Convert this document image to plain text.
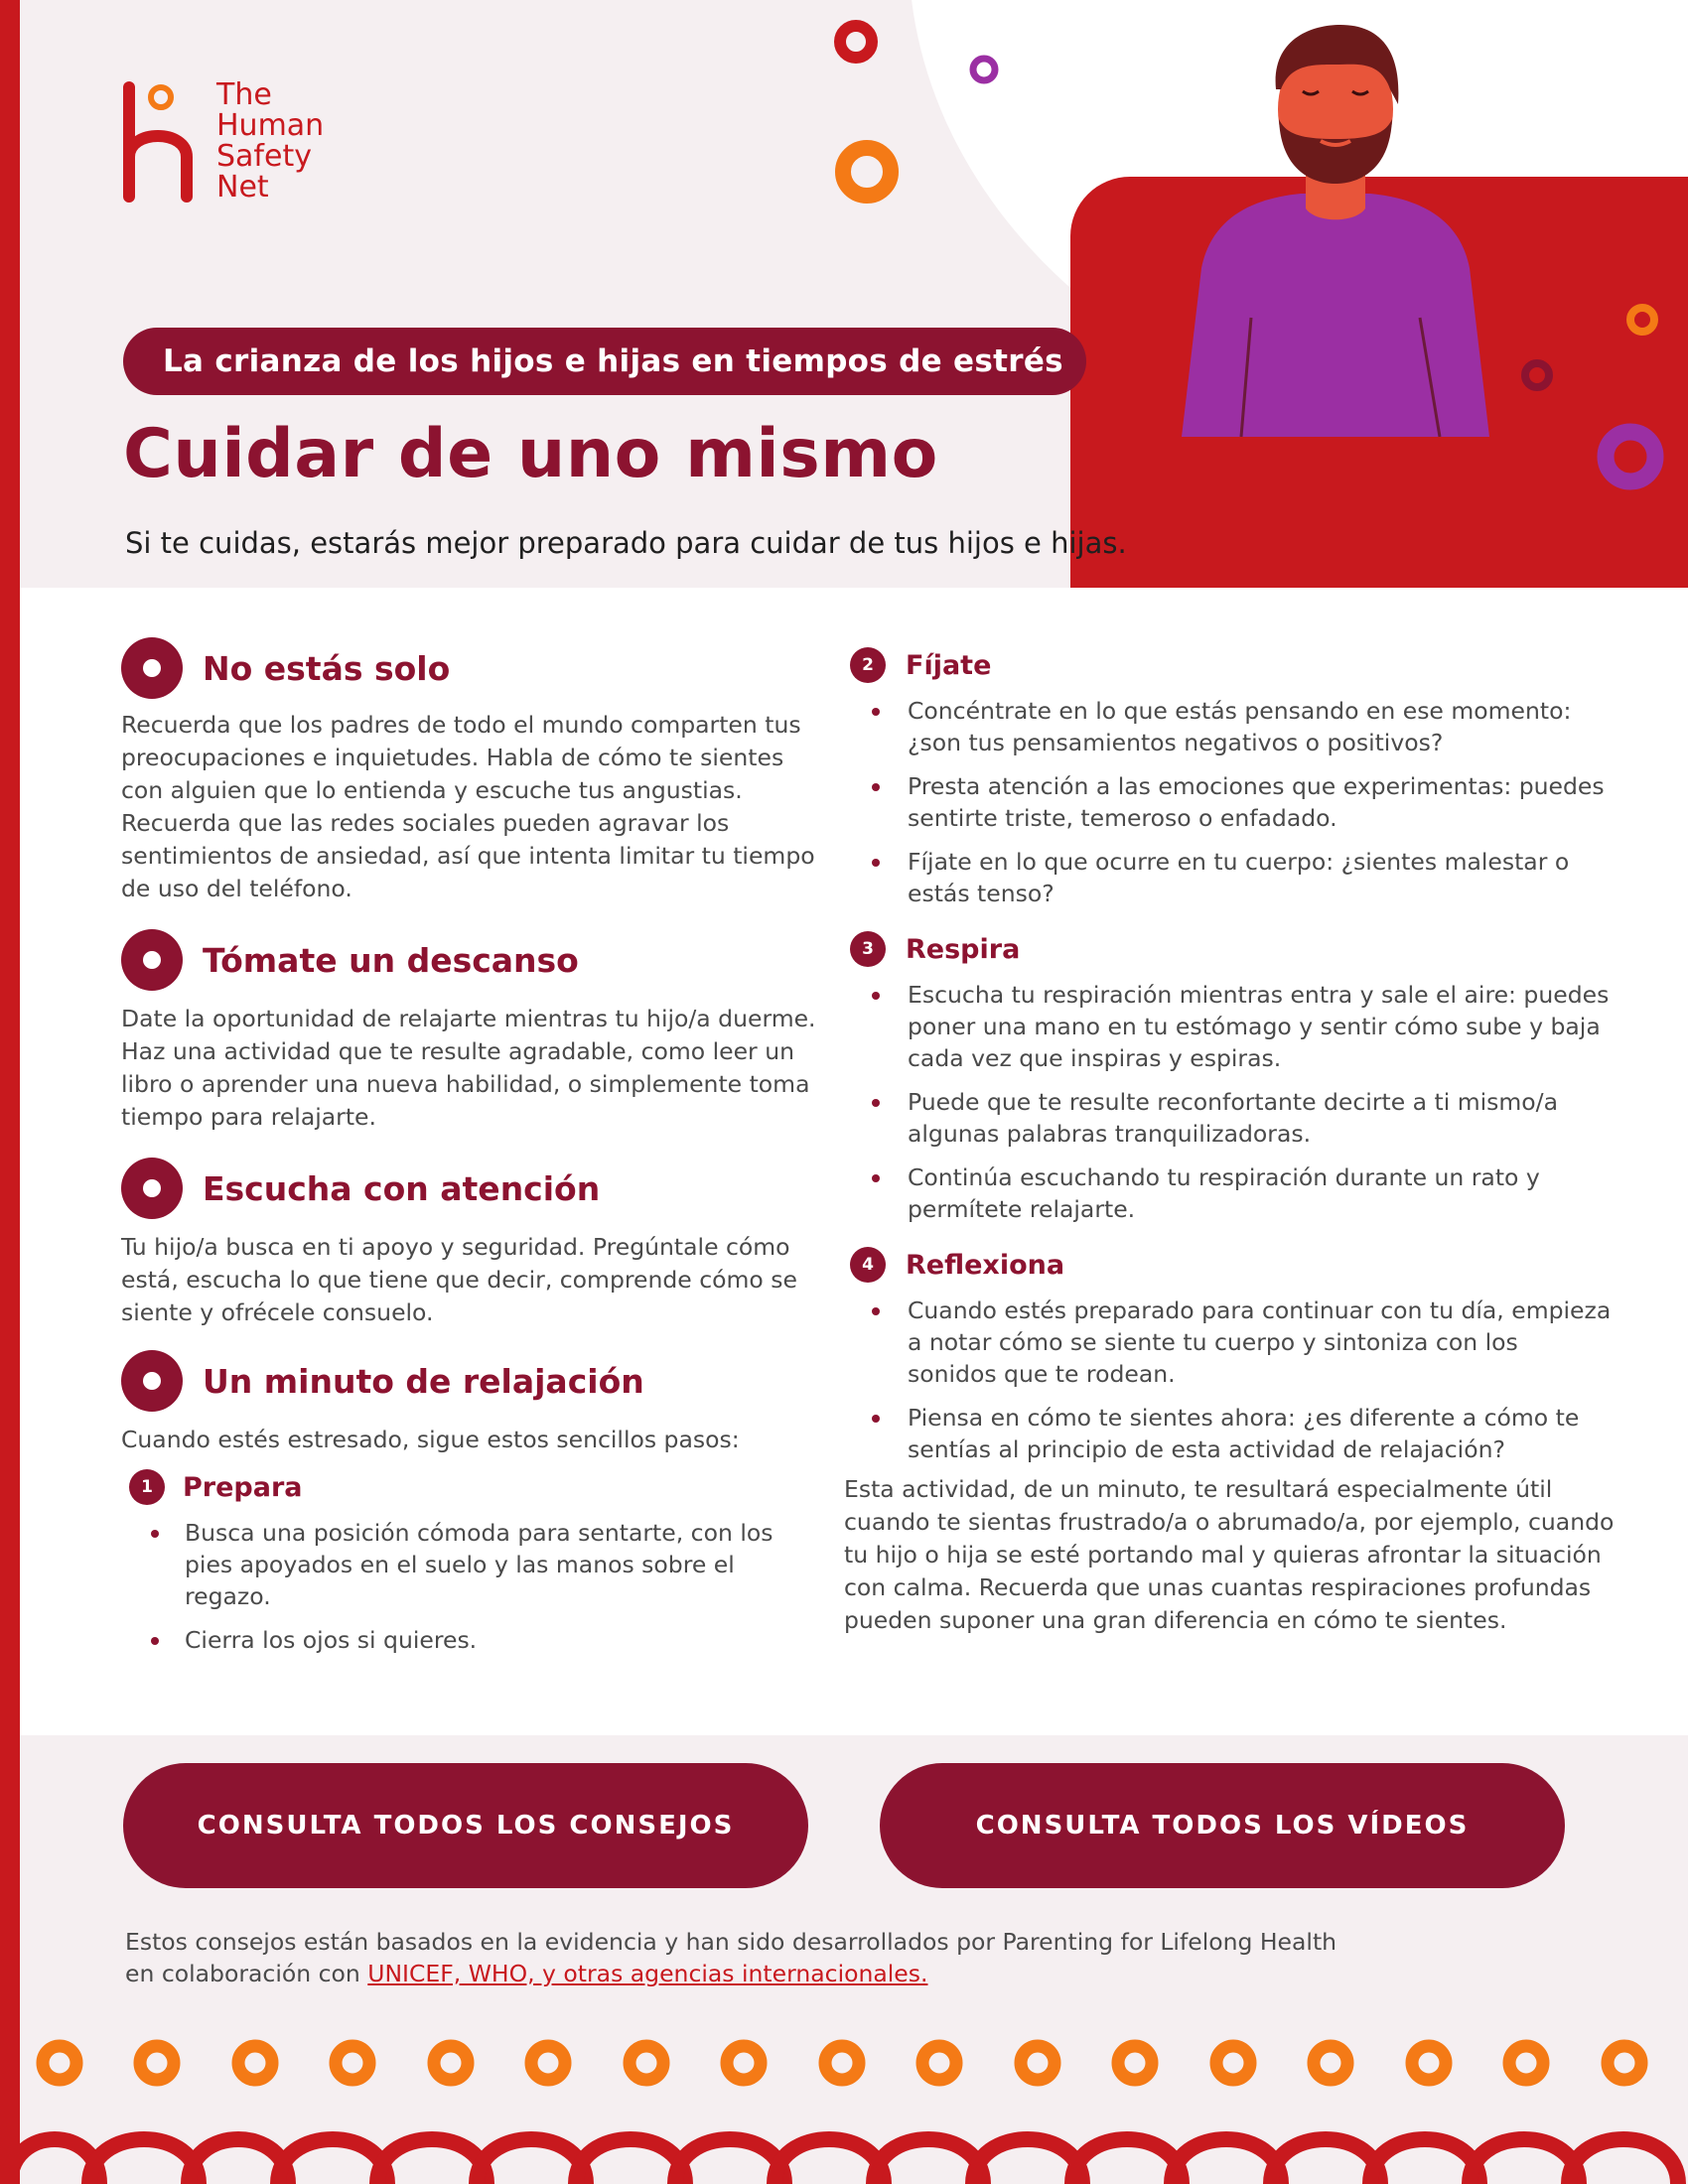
The
Human
Safety
Net
La crianza de los hijos e hijas en tiempos de estrés
Cuidar de uno mismo

Si te cuidas, estarás mejor preparado para cuidar de tus hijos e hijas.

No estás solo

Recuerda que los padres de todo el mundo comparten tus preocupaciones e inquietudes. Habla de cómo te sientes con alguien que lo entienda y escuche tus angustias. Recuerda que las redes sociales pueden agravar los sentimientos de ansiedad, así que intenta limitar tu tiempo de uso del teléfono.

Tómate un descanso

Date la oportunidad de relajarte mientras tu hijo/a duerme. Haz una actividad que te resulte agradable, como leer un libro o aprender una nueva habilidad, o simplemente toma tiempo para relajarte.

Escucha con atención

Tu hijo/a busca en ti apoyo y seguridad. Pregúntale cómo está, escucha lo que tiene que decir, comprende cómo se siente y ofrécele consuelo.

Un minuto de relajación

Cuando estés estresado, sigue estos sencillos pasos:

1	Prepara
Busca una posición cómoda para sentarte, con los pies apoyados en el suelo y las manos sobre el regazo.
Cierra los ojos si quieres.
2	Fíjate
Concéntrate en lo que estás pensando en ese momento: ¿son tus pensamientos negativos o positivos?
Presta atención a las emociones que experimentas: puedes sentirte triste, temeroso o enfadado.
Fíjate en lo que ocurre en tu cuerpo: ¿sientes malestar o estás tenso?
3	Respira
Escucha tu respiración mientras entra y sale el aire: puedes poner una mano en tu estómago y sentir cómo sube y baja cada vez que inspiras y espiras.
Puede que te resulte reconfortante decirte a ti mismo/a algunas palabras tranquilizadoras.
Continúa escuchando tu respiración durante un rato y permítete relajarte.
4	Reflexiona
Cuando estés preparado para continuar con tu día, empieza a notar cómo se siente tu cuerpo y sintoniza con los sonidos que te rodean.
Piensa en cómo te sientes ahora: ¿es diferente a cómo te sentías al principio de esta actividad de relajación?

Esta actividad, de un minuto, te resultará especialmente útil cuando te sientas frustrado/a o abrumado/a, por ejemplo, cuando tu hijo o hija se esté portando mal y quieras afrontar la situación con calma. Recuerda que unas cuantas respiraciones profundas pueden suponer una gran diferencia en cómo te sientes.

CONSULTA TODOS LOS CONSEJOS	CONSULTA TODOS LOS VÍDEOS
Estos consejos están basados en la evidencia y han sido desarrollados por Parenting for Lifelong Health
en colaboración con UNICEF, WHO, y otras agencias internacionales.
